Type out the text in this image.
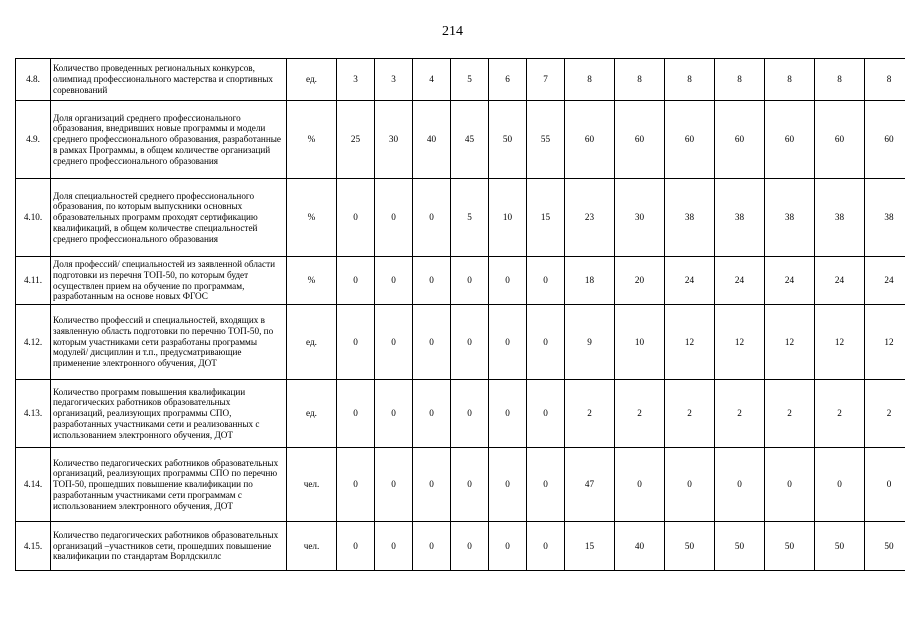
214
4.8.	Количество проведенных региональных конкурсов, олимпиад профессионального мастерства и спортивных соревнований	ед.	3	3	4	5	6	7	8	8	8	8	8	8	8
4.9.	Доля организаций среднего профессионального образования, внедривших новые программы и модели среднего профессионального образования, разработанные в рамках Программы, в общем количестве организаций среднего профессионального образования	%	25	30	40	45	50	55	60	60	60	60	60	60	60
4.10.	Доля специальностей среднего профессионального образования, по которым выпускники основных образовательных программ проходят сертификацию квалификаций, в общем количестве специальностей среднего профессионального образования	%	0	0	0	5	10	15	23	30	38	38	38	38	38
4.11.	Доля профессий/ специальностей из заявленной области подготовки из перечня ТОП-50, по которым будет осуществлен прием на обучение по программам, разработанным на основе новых ФГОС	%	0	0	0	0	0	0	18	20	24	24	24	24	24
4.12.	Количество профессий и специальностей, входящих в заявленную область подготовки по перечню ТОП-50, по которым участниками сети разработаны программы модулей/ дисциплин и т.п., предусматривающие применение электронного обучения, ДОТ	ед.	0	0	0	0	0	0	9	10	12	12	12	12	12
4.13.	Количество программ повышения квалификации педагогических работников образовательных организаций, реализующих программы СПО, разработанных участниками сети и реализованных с использованием электронного обучения, ДОТ	ед.	0	0	0	0	0	0	2	2	2	2	2	2	2
4.14.	Количество педагогических работников образовательных организаций, реализующих программы СПО по перечню ТОП-50, прошедших повышение квалификации по разработанным участниками сети программам с использованием электронного обучения, ДОТ	чел.	0	0	0	0	0	0	47	0	0	0	0	0	0
4.15.	Количество педагогических работников образовательных организаций –участников сети, прошедших повышение квалификации по стандартам Ворлдскиллс	чел.	0	0	0	0	0	0	15	40	50	50	50	50	50
